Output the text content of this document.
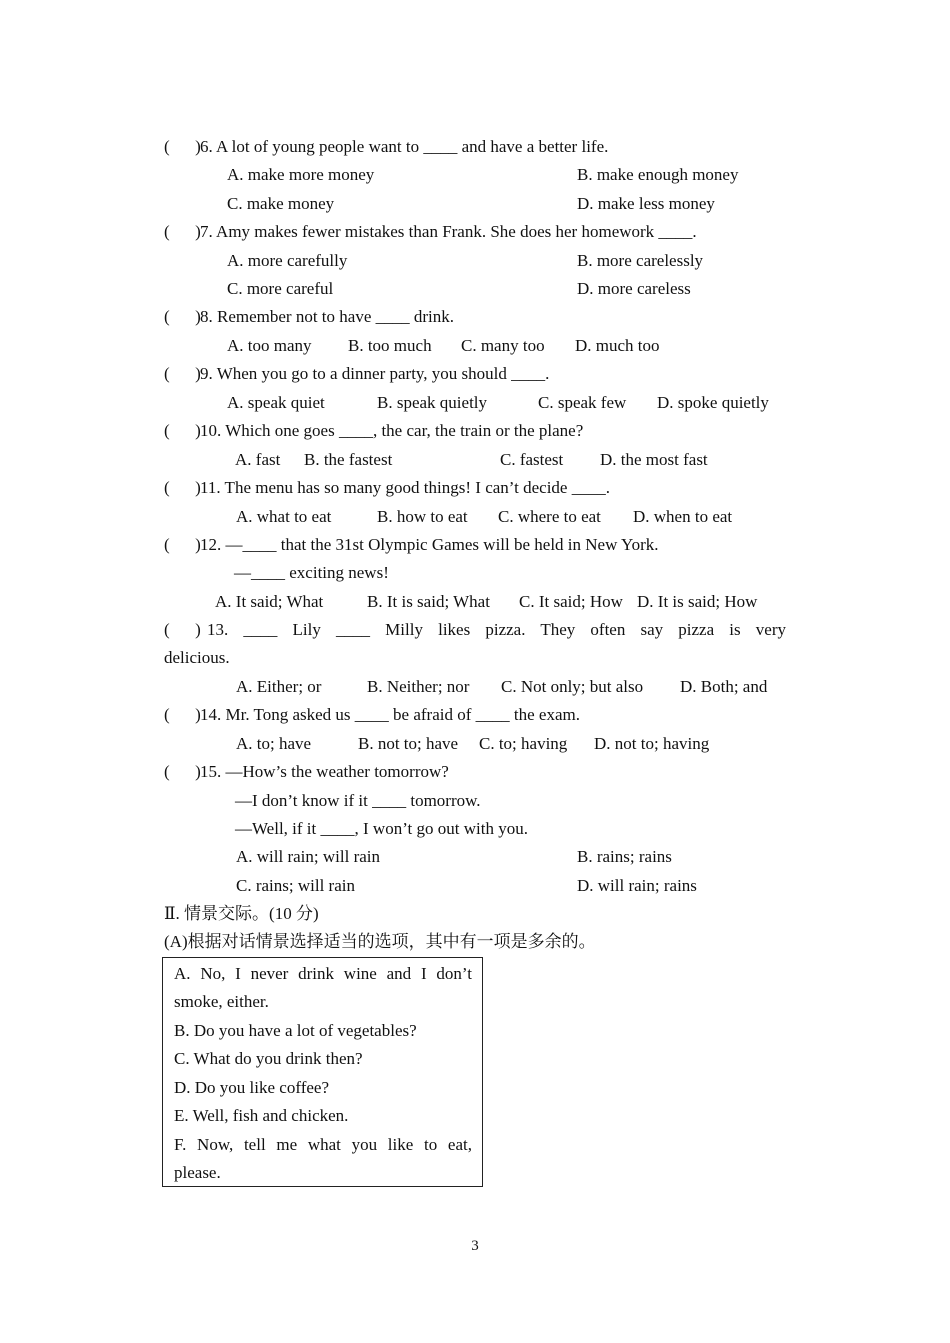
(      ) 6. A lot of young people want to ____ and have a better life.
A. make more money	B. make enough money
C. make money	D. make less money
(      ) 7. Amy makes fewer mistakes than Frank. She does her homework ____.
A. more carefully	B. more carelessly
C. more careful	D. more careless
(      ) 8. Remember not to have ____ drink.
A. too many B. too much C. many too D. much too
(      ) 9. When you go to a dinner party, you should ____.
A. speak quiet	B. speak quietly	C. speak few D. spoke quietly
(      ) 10. Which one goes ____, the car, the train or the plane?
A. fast B. the fastest	C. fastest D. the most fast
(      ) 11. The menu has so many good things! I can’t decide ____.
A. what to eat	B. how to eat C. where to eat D. when to eat
(      ) 12. —____ that the 31st Olympic Games will be held in New York.
—____ exciting news!
A. It said; What	B. It is said; What C. It said; How D. It is said; How
(      ) 13. ____ Lily ____ Milly likes pizza. They often say pizza is very
delicious.
A. Either; or	B. Neither; nor C. Not only; but also D. Both; and
(      ) 14. Mr. Tong asked us ____ be afraid of ____ the exam.
A. to; have	B. not to; have C. to; having D. not to; having
(      ) 15. —How’s the weather tomorrow?
—I don’t know if it ____ tomorrow.
—Well, if it ____, I won’t go out with you.
A. will rain; will rain	B. rains; rains
C. rains; will rain	D. will rain; rains
Ⅱ. 情景交际。(10 分)
(A)根据对话情景选择适当的选项，其中有一项是多余的。
A. No, I never drink wine and I don’t
smoke, either.
B. Do you have a lot of vegetables?
C. What do you drink then?
D. Do you like coffee?
E. Well, fish and chicken.
F. Now, tell me what you like to eat,
please.
3
